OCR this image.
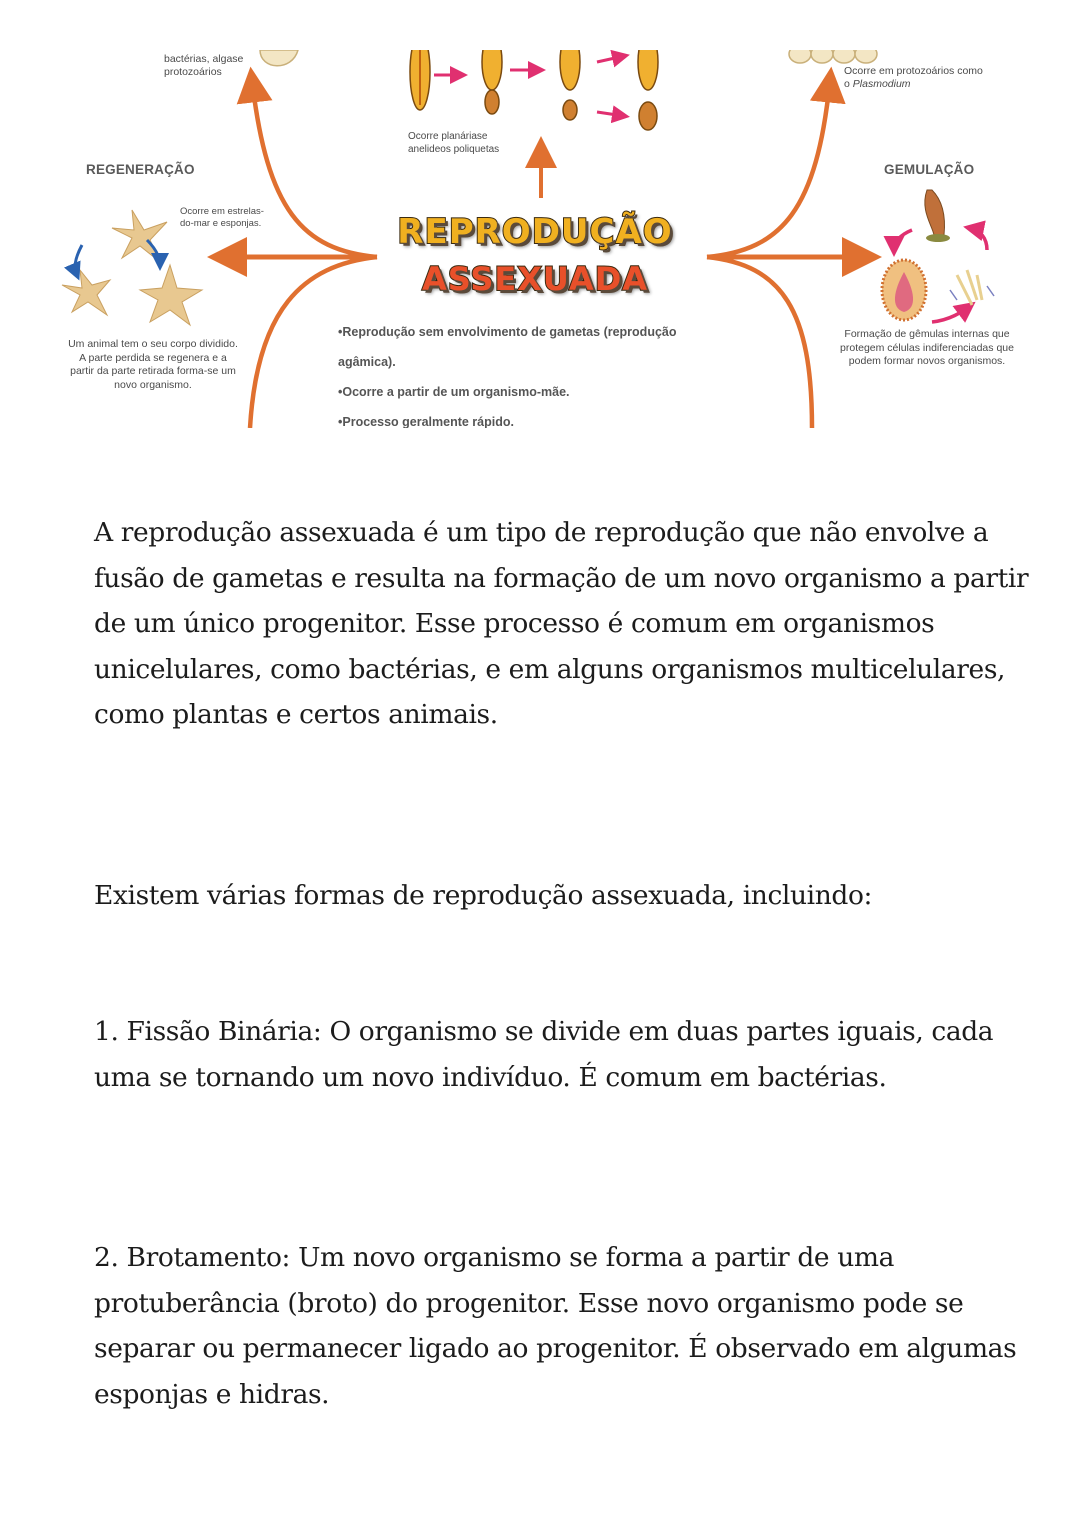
bactérias, algase protozoários
Ocorre planáriase anelideos poliquetas
Ocorre em protozoários como o Plasmodium
REGENERAÇÃO
Ocorre em estrelas-do-mar e esponjas.
Um animal tem o seu corpo dividido. A parte perdida se regenera e a partir da parte retirada forma-se um novo organismo.
GEMULAÇÃO
Formação de gêmulas internas que protegem células indiferenciadas que podem formar novos organismos.
REPRODUÇÃO
ASSEXUADA
•Reprodução sem envolvimento de gametas (reprodução
agâmica).
•Ocorre a partir de um organismo-mãe.
•Processo geralmente rápido.

A reprodução assexuada é um tipo de reprodução que não envolve a fusão de gametas e resulta na formação de um novo organismo a partir de um único progenitor. Esse processo é comum em organismos unicelulares, como bactérias, e em alguns organismos multicelulares, como plantas e certos animais.

Existem várias formas de reprodução assexuada, incluindo:

1. Fissão Binária: O organismo se divide em duas partes iguais, cada uma se tornando um novo indivíduo. É comum em bactérias.

2. Brotamento: Um novo organismo se forma a partir de uma protuberância (broto) do progenitor. Esse novo organismo pode se separar ou permanecer ligado ao progenitor. É observado em algumas esponjas e hidras.
